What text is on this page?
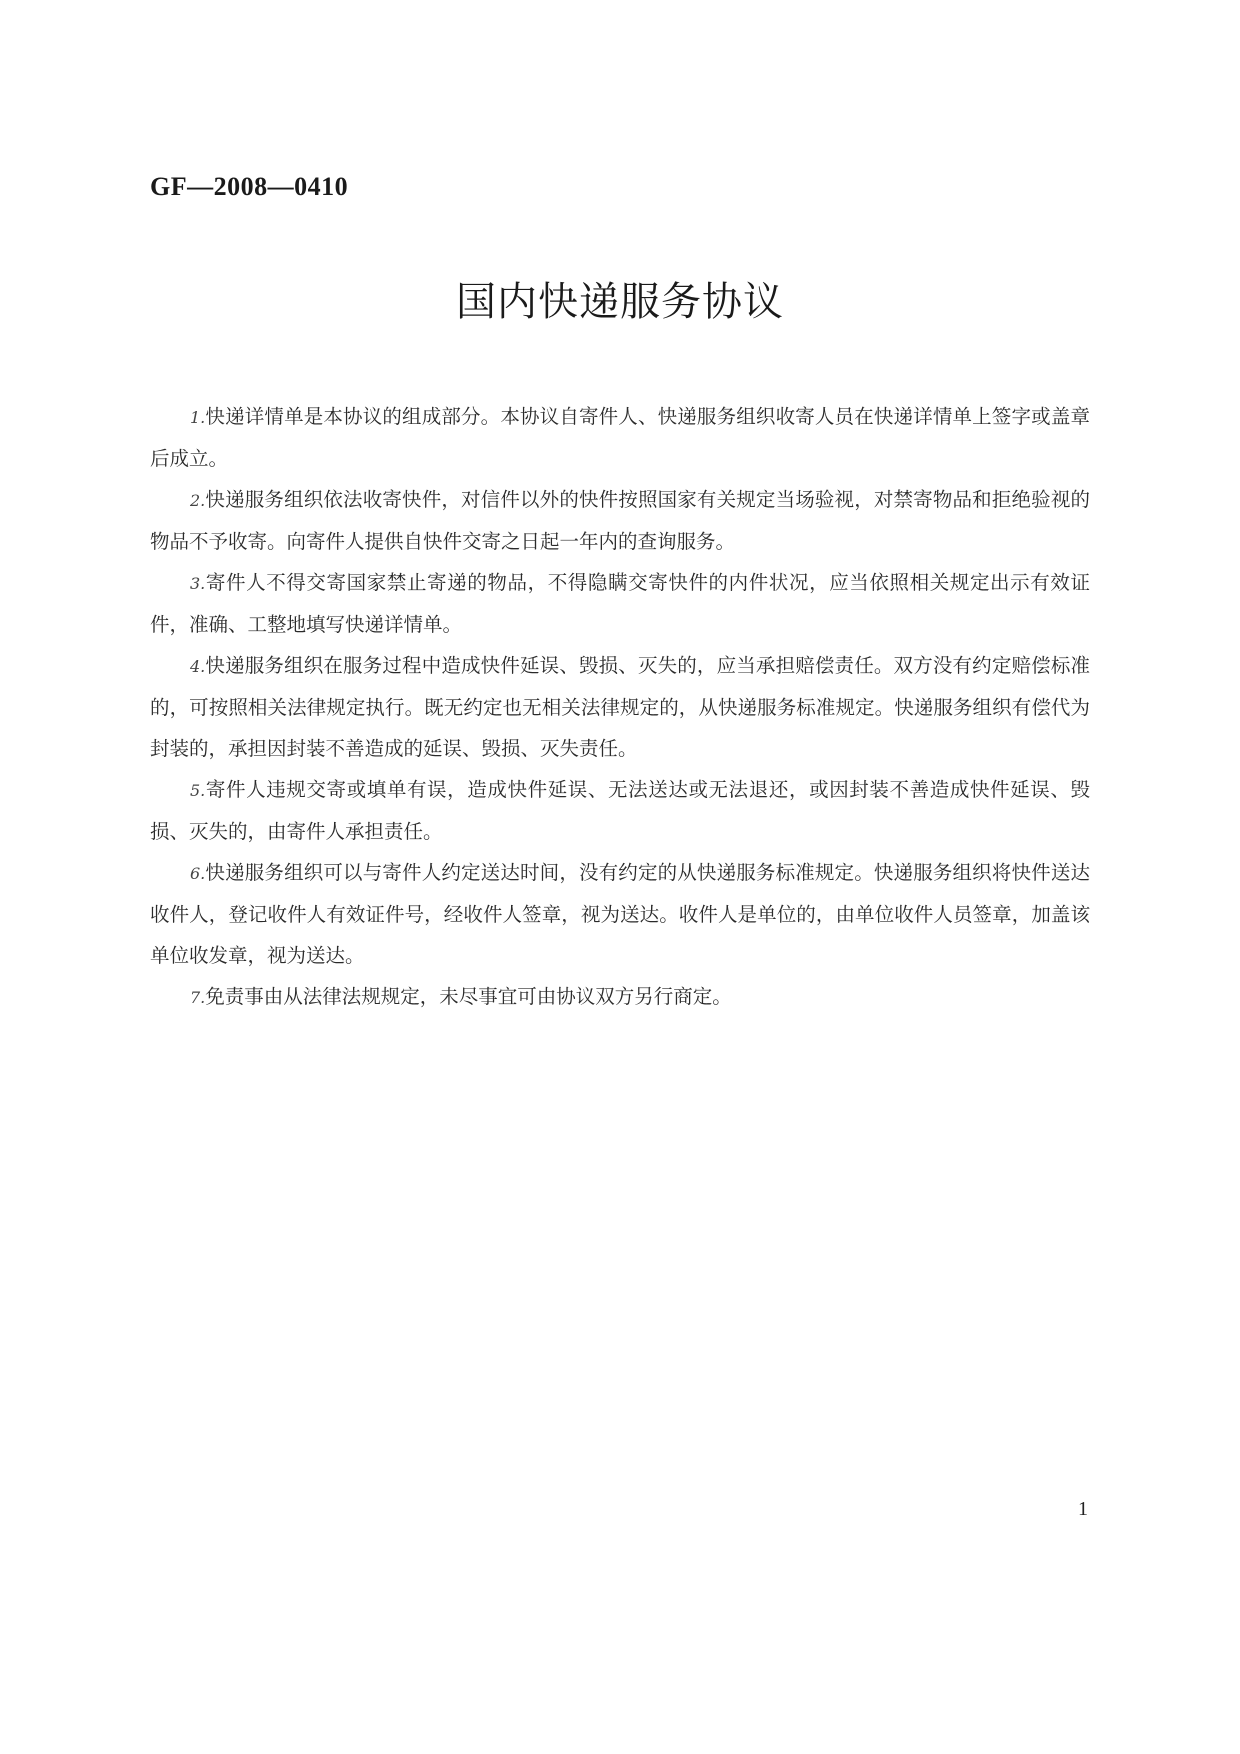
GF—2008—0410
国内快递服务协议

1.快递详情单是本协议的组成部分。本协议自寄件人、快递服务组织收寄人员在快递详情单上签字或盖章后成立。

2.快递服务组织依法收寄快件，对信件以外的快件按照国家有关规定当场验视，对禁寄物品和拒绝验视的物品不予收寄。向寄件人提供自快件交寄之日起一年内的查询服务。

3.寄件人不得交寄国家禁止寄递的物品，不得隐瞒交寄快件的内件状况，应当依照相关规定出示有效证件，准确、工整地填写快递详情单。

4.快递服务组织在服务过程中造成快件延误、毁损、灭失的，应当承担赔偿责任。双方没有约定赔偿标准的，可按照相关法律规定执行。既无约定也无相关法律规定的，从快递服务标准规定。快递服务组织有偿代为封装的，承担因封装不善造成的延误、毁损、灭失责任。

5.寄件人违规交寄或填单有误，造成快件延误、无法送达或无法退还，或因封装不善造成快件延误、毁损、灭失的，由寄件人承担责任。

6.快递服务组织可以与寄件人约定送达时间，没有约定的从快递服务标准规定。快递服务组织将快件送达收件人，登记收件人有效证件号，经收件人签章，视为送达。收件人是单位的，由单位收件人员签章，加盖该单位收发章，视为送达。

7.免责事由从法律法规规定，未尽事宜可由协议双方另行商定。

1
